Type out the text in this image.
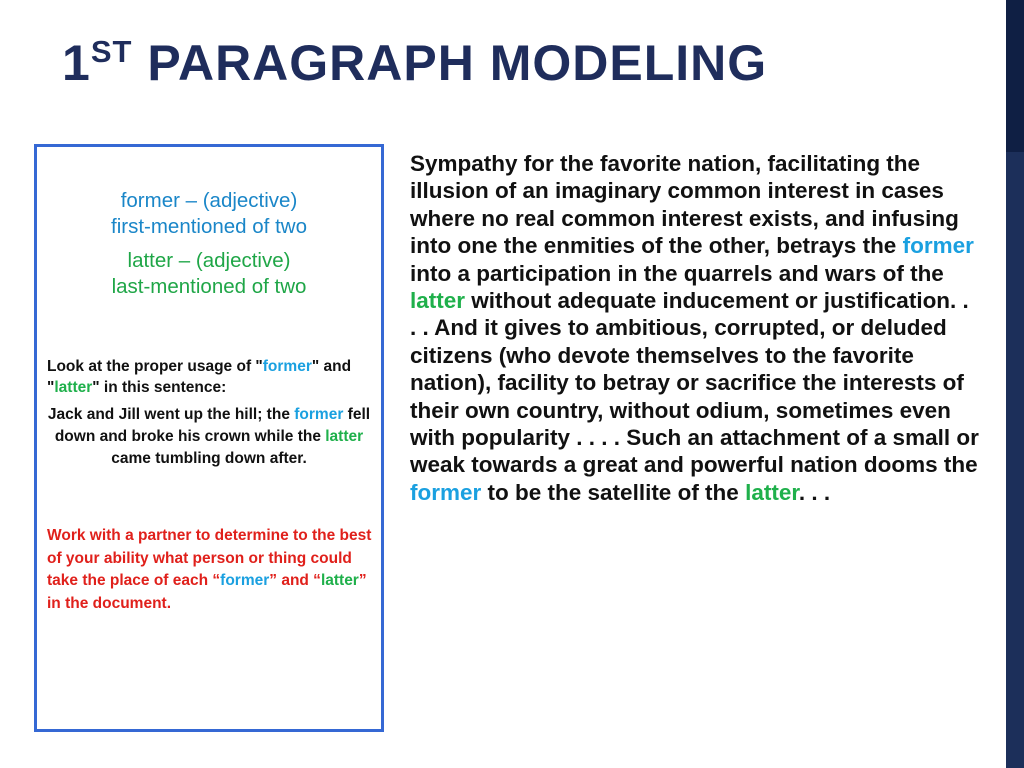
1ST PARAGRAPH MODELING

former – (adjective)

first-mentioned of two

latter – (adjective)

last-mentioned of two

Look at the proper usage of "former" and "latter" in this sentence:
Jack and Jill went up the hill; the former fell down and broke his crown while the latter came tumbling down after.
Work with a partner to determine to the best of your ability what person or thing could take the place of each “former” and “latter” in the document.

Sympathy for the favorite nation, facilitating the illusion of an imaginary common interest in cases where no real common interest exists, and infusing into one the enmities of the other, betrays the former into a participation in the quarrels and wars of the latter without adequate inducement or justification. . . . And it gives to ambitious, corrupted, or deluded citizens (who devote themselves to the favorite nation), facility to betray or sacrifice the interests of their own country, without odium, sometimes even with popularity . . . . Such an attachment of a small or weak towards a great and powerful nation dooms the former to be the satellite of the latter. . .
